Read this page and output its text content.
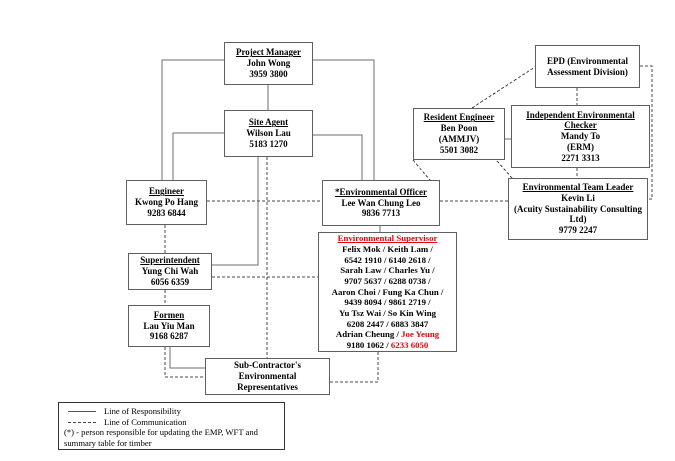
Project Manager
John Wong
3959 3800
Site Agent
Wilson Lau
5183 1270
Engineer
Kwong Po Hang
9283 6844
*Environmental Officer
Lee Wan Chung Leo
9836 7713
Superintendent
Yung Chi Wah
6056 6359
Environmental Supervisor
Felix Mok / Keith Lam /
6542 1910 / 6140 2618 /
Sarah Law / Charles Yu /
9707 5637 / 6288 0738 /
Aaron Choi / Fung Ka Chun /
9439 8094 / 9861 2719 /
Yu Tsz Wai / So Kin Wing
6208 2447 / 6883 3847
Adrian Cheung / Joe Yeung
9180 1062 / 6233 6050
Formen
Lau Yiu Man
9168 6287
Sub-Contractor's
Environmental Representatives
EPD (Environmental
Assessment Division)
Resident Engineer
Ben Poon
(AMMJV)
5501 3082
Independent Environmental
Checker
Mandy To
(ERM)
2271 3313
Environmental Team Leader
Kevin Li
(Acuity Sustainability Consulting
Ltd)
9779 2247
Line of Responsibility
Line of Communication
(*) - person responsible for updating the EMP, WFT and
summary table for timber
